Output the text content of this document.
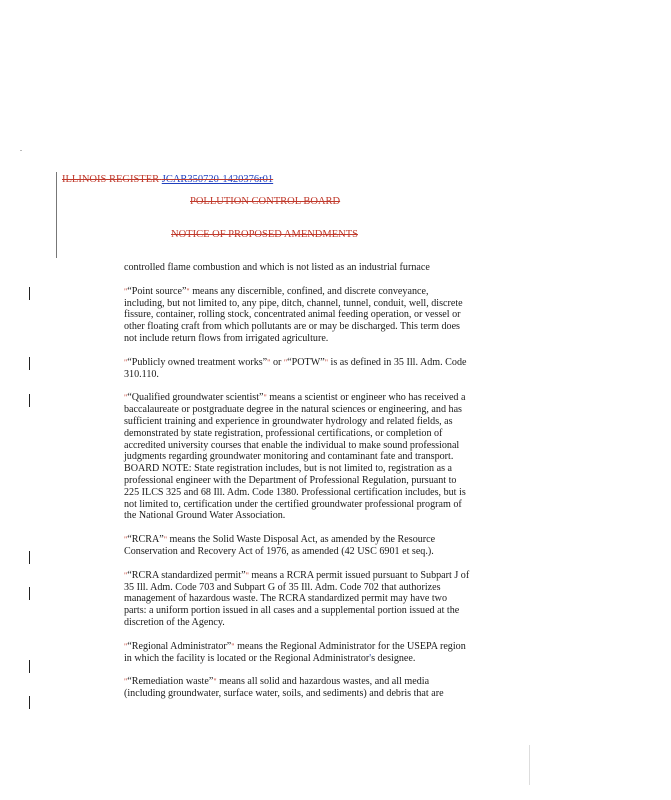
ILLINOIS REGISTER JCAR350720-1420376r01
POLLUTION CONTROL BOARD
NOTICE OF PROPOSED AMENDMENTS

controlled flame combustion and which is not listed as an industrial furnace

"“Point source”" means any discernible, confined, and discrete conveyance, including, but not limited to, any pipe, ditch, channel, tunnel, conduit, well, discrete fissure, container, rolling stock, concentrated animal feeding operation, or vessel or other floating craft from which pollutants are or may be discharged. This term does not include return flows from irrigated agriculture.

"“Publicly owned treatment works”" or "“POTW”" is as defined in 35 Ill. Adm. Code 310.110.

"“Qualified groundwater scientist”" means a scientist or engineer who has received a baccalaureate or postgraduate degree in the natural sciences or engineering, and has sufficient training and experience in groundwater hydrology and related fields, as demonstrated by state registration, professional certifications, or completion of accredited university courses that enable the individual to make sound professional judgments regarding groundwater monitoring and contaminant fate and transport.

BOARD NOTE: State registration includes, but is not limited to, registration as a professional engineer with the Department of Professional Regulation, pursuant to 225 ILCS 325 and 68 Ill. Adm. Code 1380. Professional certification includes, but is not limited to, certification under the certified groundwater professional program of the National Ground Water Association.

"“RCRA”" means the Solid Waste Disposal Act, as amended by the Resource Conservation and Recovery Act of 1976, as amended (42 USC 6901 et seq.).

"“RCRA standardized permit”" means a RCRA permit issued pursuant to Subpart J of 35 Ill. Adm. Code 703 and Subpart G of 35 Ill. Adm. Code 702 that authorizes management of hazardous waste. The RCRA standardized permit may have two parts: a uniform portion issued in all cases and a supplemental portion issued at the discretion of the Agency.

"“Regional Administrator”" means the Regional Administrator for the USEPA region in which the facility is located or the Regional Administrator's designee.

"“Remediation waste”" means all solid and hazardous wastes, and all media (including groundwater, surface water, soils, and sediments) and debris that are
